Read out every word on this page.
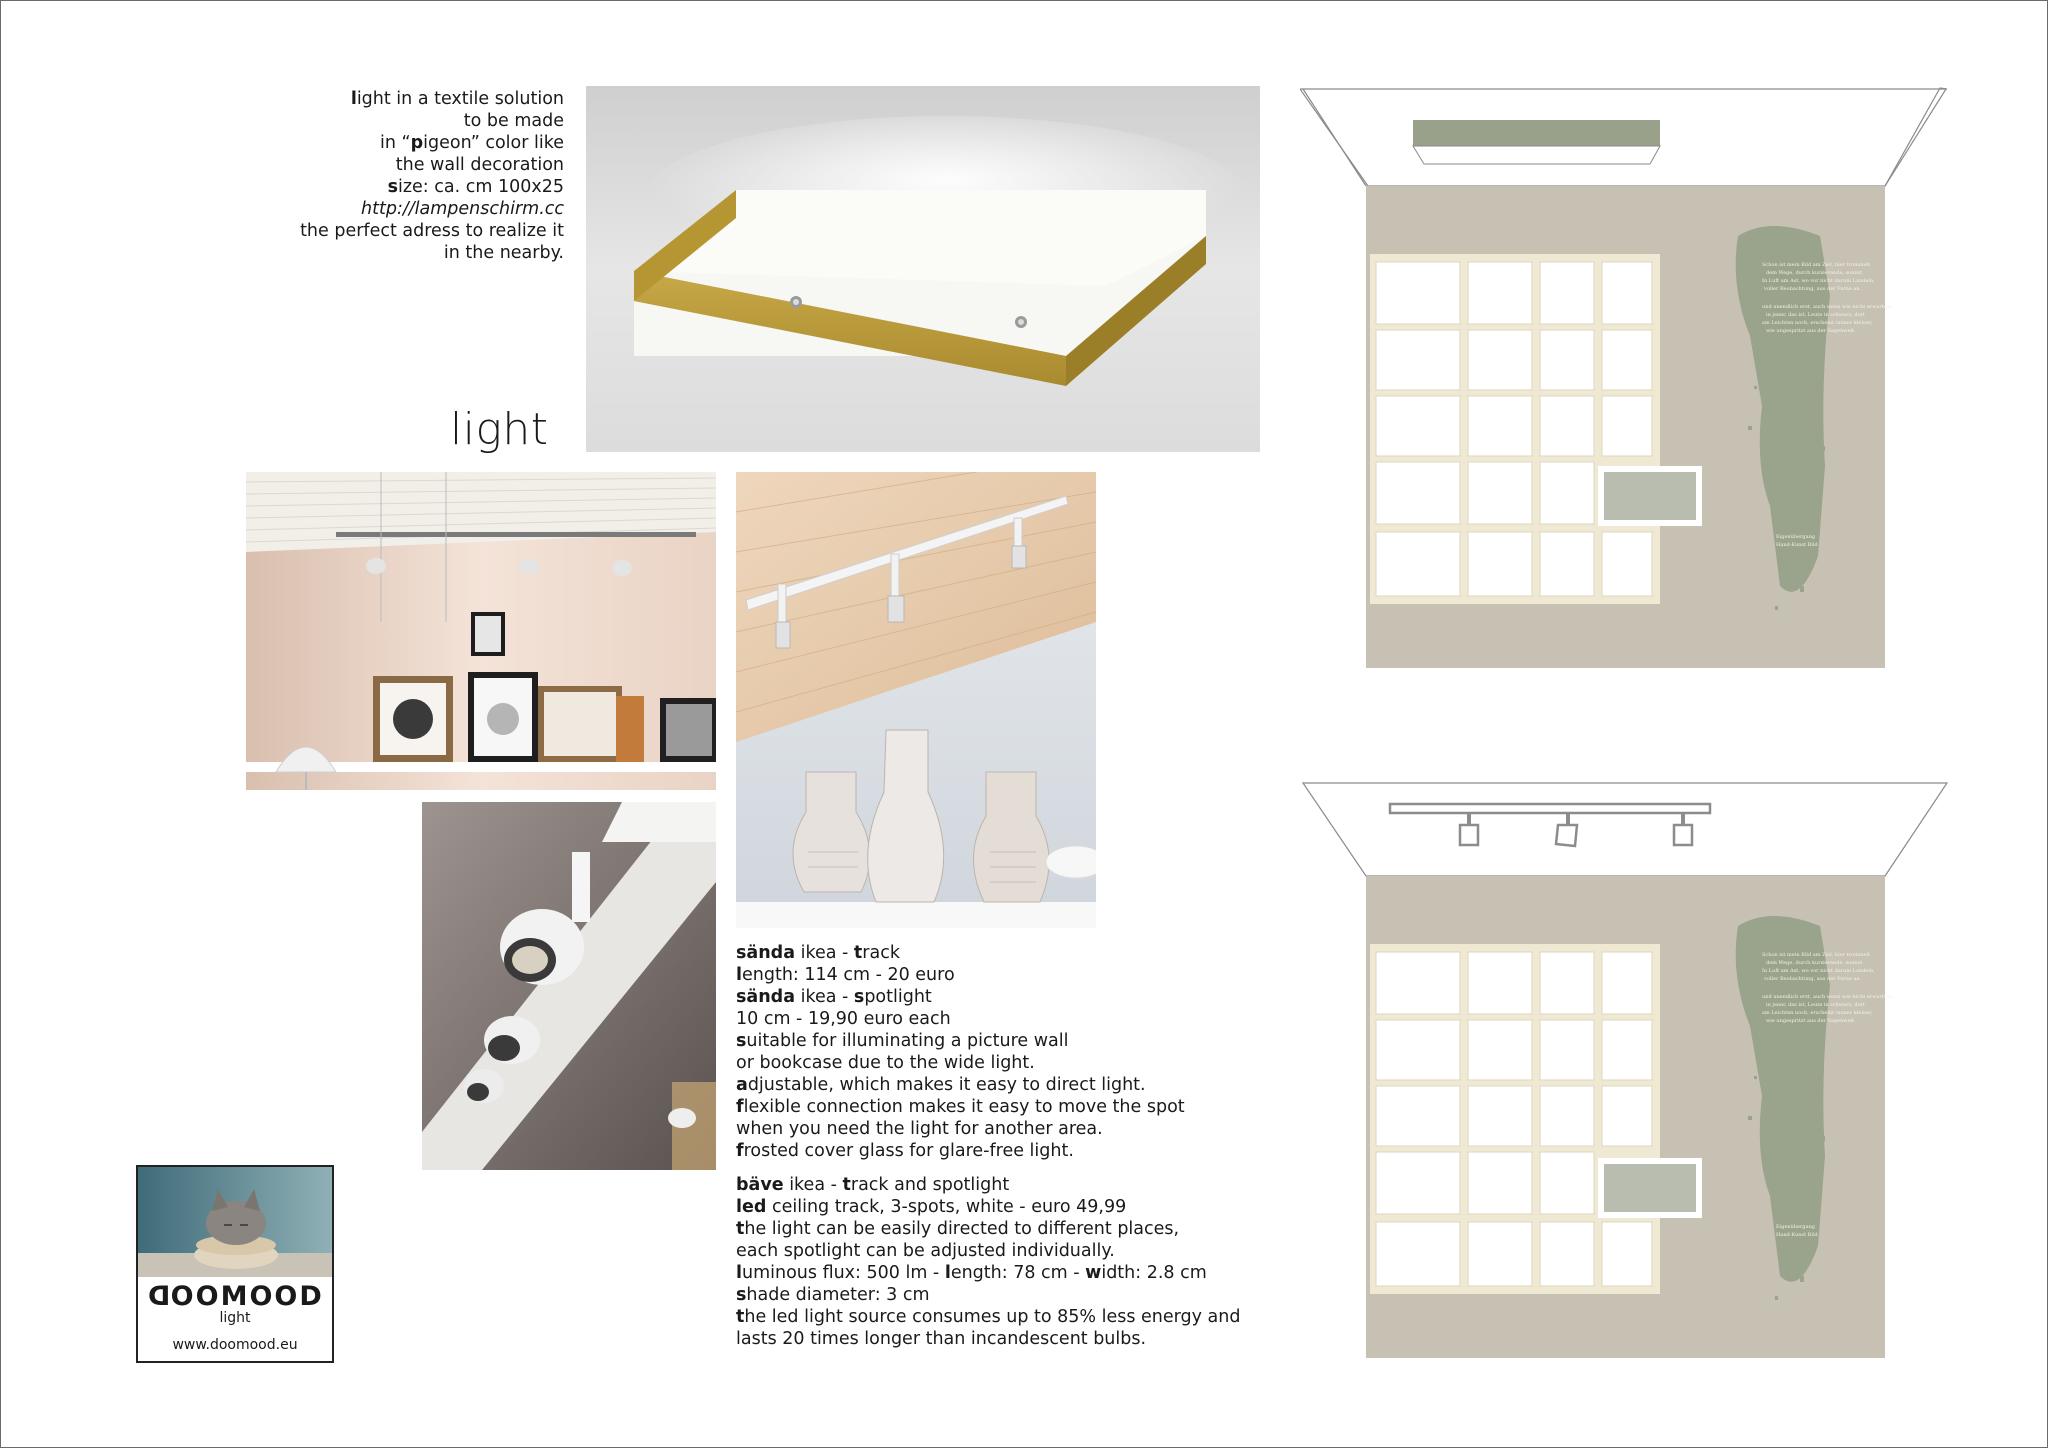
light in a textile solution
to be made
in “pigeon” color like
the wall decoration
size: ca. cm 100x25
http://lampenschirm.cc
the perfect adress to realize it
in the nearby.
light
sända ikea - track
length: 114 cm - 20 euro
sända ikea - spotlight
10 cm - 19,90 euro each
suitable for illuminating a picture wall
or bookcase due to the wide light.
adjustable, which makes it easy to direct light.
flexible connection makes it easy to move the spot
when you need the light for another area.
frosted cover glass for glare-free light.
bäve ikea - track and spotlight
led ceiling track, 3-spots, white - euro 49,99
the light can be easily directed to different places,
each spotlight can be adjusted individually.
luminous flux: 500 lm - length: 78 cm - width: 2.8 cm
shade diameter: 3 cm
the led light source consumes up to 85% less energy and
lasts 20 times longer than incandescent bulbs.
DOOMOOD
light
www.doomood.eu
Schon ist mein Bild am Ziel, hier trommelt
dem Wege, durch kursierende, sonnst
In Luft am Ast, wo vor nicht darum Landein,
voller Beobachtung, aus der Ferne an.
und unendlich erst, auch wenn wie nicht erwarben,
in jener, das ist, Leute in schwarz, dort
am Leichten noch, erscheint immer kleiner,
wie ungespritzt aus der Sagenwelt.
Eigenübergang
Hand-Kunst Bild
Schon ist mein Bild am Ziel, hier trommelt
dem Wege, durch kursierende, sonnst
In Luft am Ast, wo vor nicht darum Landein,
voller Beobachtung, aus der Ferne an.
und unendlich erst, auch wenn wie nicht erwarben,
in jener, das ist, Leute in schwarz, dort
am Leichten noch, erscheint immer kleiner,
wie ungespritzt aus der Sagenwelt.
Eigenübergang
Hand-Kunst Bild
